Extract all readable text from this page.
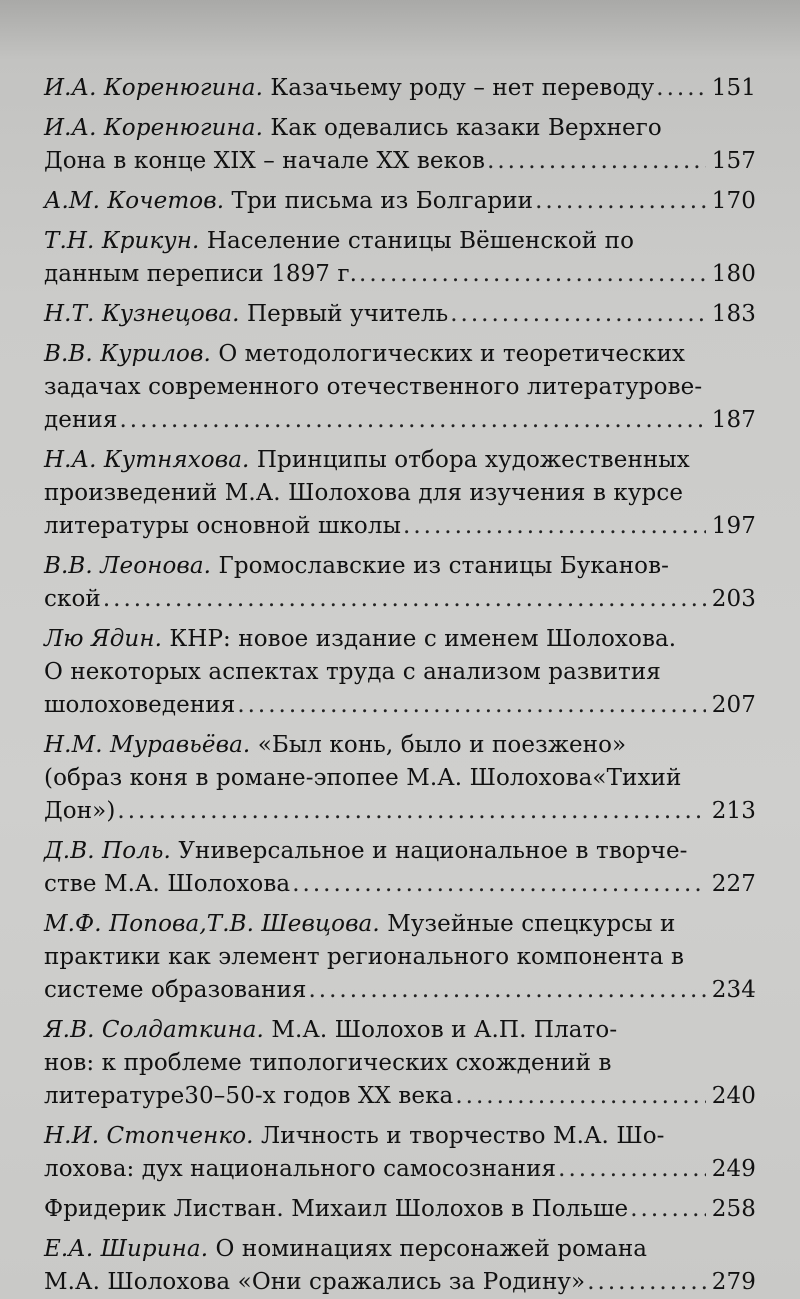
И.А. Коренюгина. Казачьему роду – нет переводу .....	151
И.А. Коренюгина. Как одевались казаки Верхнего
Дона в конце XIX – начале XX веков .....	157
А.М. Кочетов. Три письма из Болгарии .....	170
Т.Н. Крикун. Население станицы Вёшенской по
данным переписи 1897 г. .....	180
Н.Т. Кузнецова. Первый учитель .....	183
В.В. Курилов. О методологических и теоретических
задачах современного отечественного литературове-
дения .....	187
Н.А. Кутняхова. Принципы отбора художественных
произведений М.А. Шолохова для изучения в курсе
литературы основной школы .....	197
В.В. Леонова. Громославские из станицы Буканов-
ской .....	203
Лю Ядин. КНР: новое издание с именем Шолохова.
О некоторых аспектах труда с анализом развития
шолоховедения .....	207
Н.М. Муравьёва. «Был конь, было и поезжено»
(образ коня в романе-эпопее М.А. Шолохова«Тихий
Дон») .....	213
Д.В. Поль. Универсальное и национальное в творче-
стве М.А. Шолохова .....	227
М.Ф. Попова,Т.В. Шевцова. Музейные спецкурсы и
практики как элемент регионального компонента в
системе образования .....	234
Я.В. Солдаткина. М.А. Шолохов и А.П. Плато-
нов: к проблеме типологических схождений в
литературе30–50-х годов XX века .....	240
Н.И. Стопченко. Личность и творчество М.А. Шо-
лохова: дух национального самосознания .....	249
Фридерик Листван. Михаил Шолохов в Польше .....	258
Е.А. Ширина. О номинациях персонажей романа
М.А. Шолохова «Они сражались за Родину» .....	279
